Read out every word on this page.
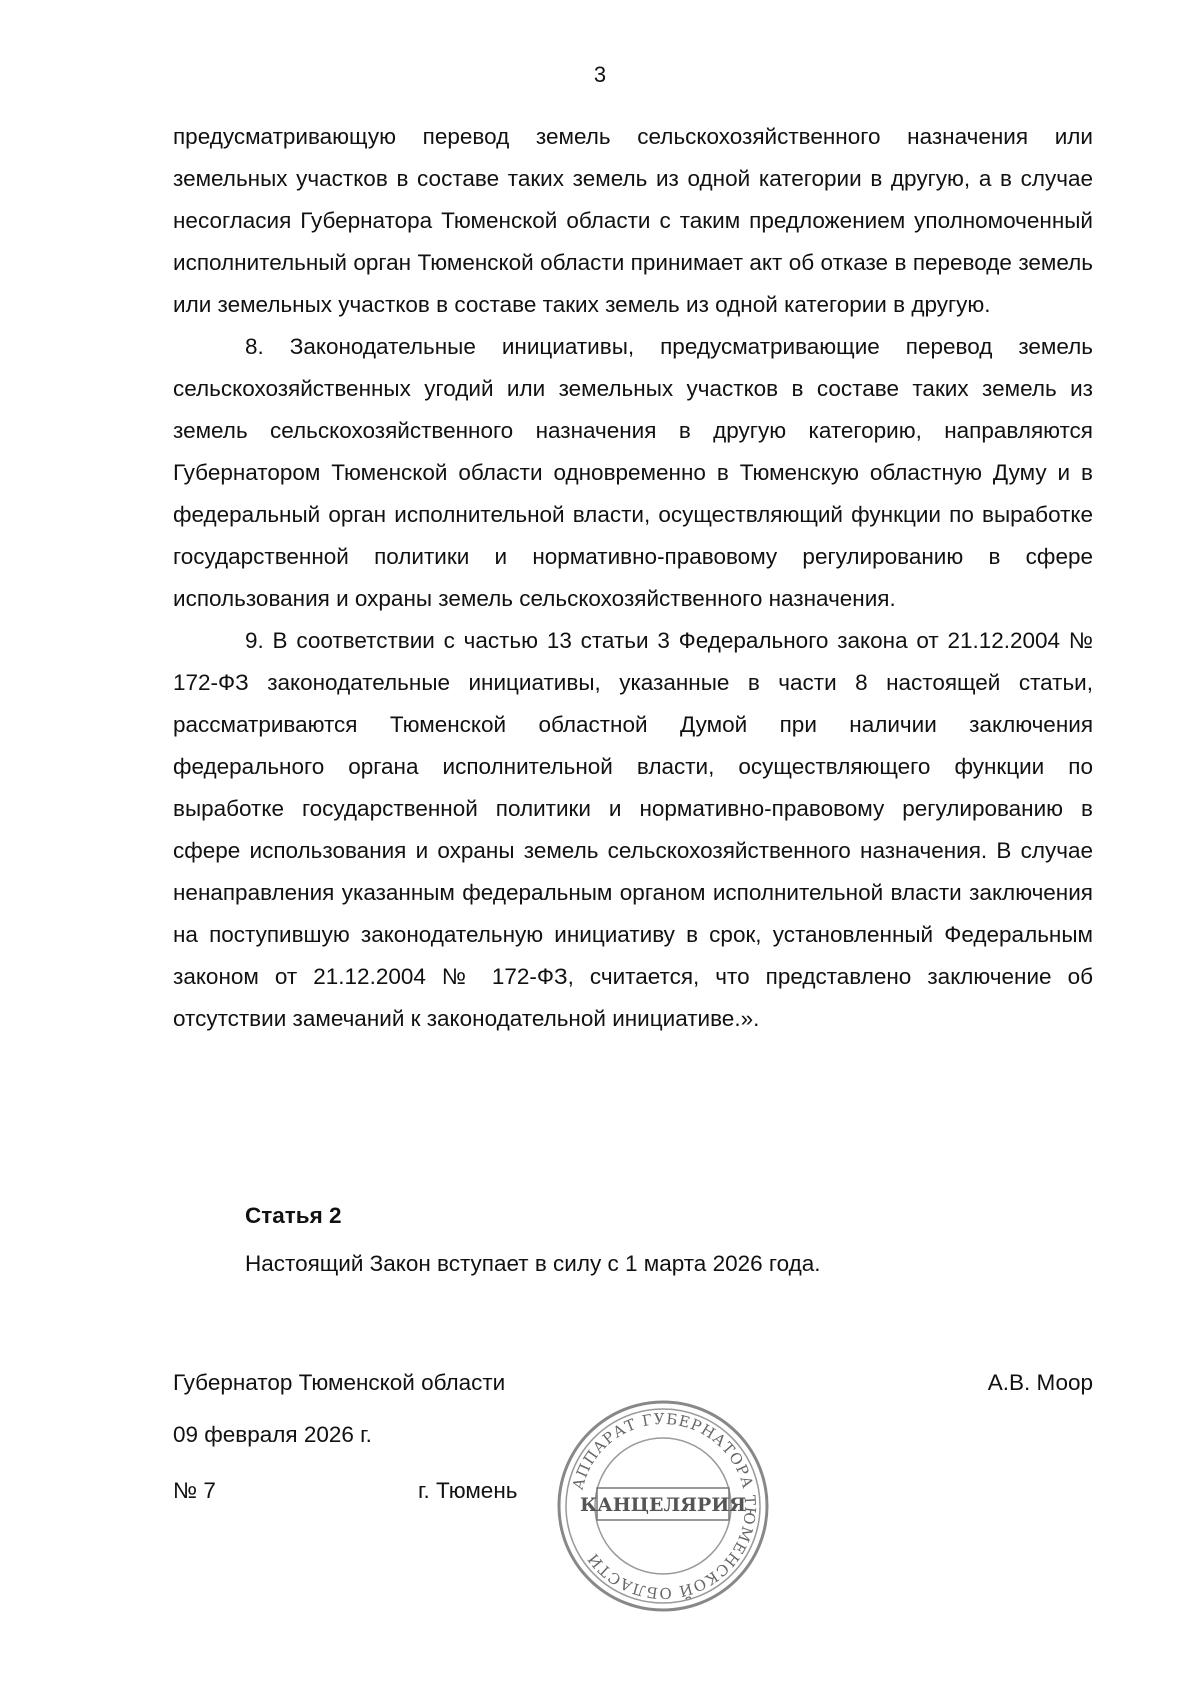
3

предусматривающую перевод земель сельскохозяйственного назначения или земельных участков в составе таких земель из одной категории в другую, а в случае несогласия Губернатора Тюменской области с таким предложением уполномоченный исполнительный орган Тюменской области принимает акт об отказе в переводе земель или земельных участков в составе таких земель из одной категории в другую.

8. Законодательные инициативы, предусматривающие перевод земель сельскохозяйственных угодий или земельных участков в составе таких земель из земель сельскохозяйственного назначения в другую категорию, направляются Губернатором Тюменской области одновременно в Тюменскую областную Думу и в федеральный орган исполнительной власти, осуществляющий функции по выработке государственной политики и нормативно-правовому регулированию в сфере использования и охраны земель сельскохозяйственного назначения.

9. В соответствии с частью 13 статьи 3 Федерального закона от 21.12.2004 № 172-ФЗ законодательные инициативы, указанные в части 8 настоящей статьи, рассматриваются Тюменской областной Думой при наличии заключения федерального органа исполнительной власти, осуществляющего функции по выработке государственной политики и нормативно-правовому регулированию в сфере использования и охраны земель сельскохозяйственного назначения. В случае ненаправления указанным федеральным органом исполнительной власти заключения на поступившую законодательную инициативу в срок, установленный Федеральным законом от 21.12.2004 № 172-ФЗ, считается, что представлено заключение об отсутствии замечаний к законодательной инициативе.».

Статья 2
Настоящий Закон вступает в силу с 1 марта 2026 года.
Губернатор Тюменской области	А.В. Моор
09 февраля 2026 г.
№ 7	г. Тюмень	АППАРАТ ГУБЕРНАТОРА ТЮМЕНСКОЙ ОБЛАСТИ
КАНЦЕЛЯРИЯ
